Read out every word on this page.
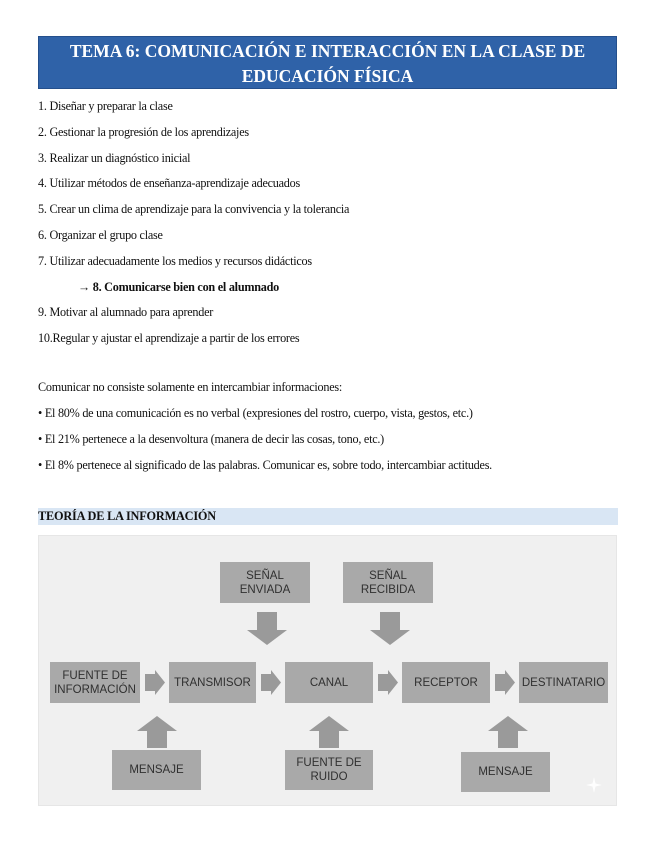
TEMA 6: COMUNICACIÓN E INTERACCIÓN EN LA CLASE DE
EDUCACIÓN FÍSICA
1. Diseñar y preparar la clase
2. Gestionar la progresión de los aprendizajes
3. Realizar un diagnóstico inicial
4. Utilizar métodos de enseñanza-aprendizaje adecuados
5. Crear un clima de aprendizaje para la convivencia y la tolerancia
6. Organizar el grupo clase
7. Utilizar adecuadamente los medios y recursos didácticos
→ 8. Comunicarse bien con el alumnado
9. Motivar al alumnado para aprender
10.Regular y ajustar el aprendizaje a partir de los errores
Comunicar no consiste solamente en intercambiar informaciones:
• El 80% de una comunicación es no verbal (expresiones del rostro, cuerpo, vista, gestos, etc.)
• El 21% pertenece a la desenvoltura (manera de decir las cosas, tono, etc.)
• El 8% pertenece al significado de las palabras. Comunicar es, sobre todo, intercambiar actitudes.
TEORÍA DE LA INFORMACIÓN
SEÑAL
ENVIADA
SEÑAL
RECIBIDA
FUENTE DE
INFORMACIÓN
TRANSMISOR	CANAL	RECEPTOR	DESTINATARIO
MENSAJE
FUENTE DE
RUIDO	MENSAJE
